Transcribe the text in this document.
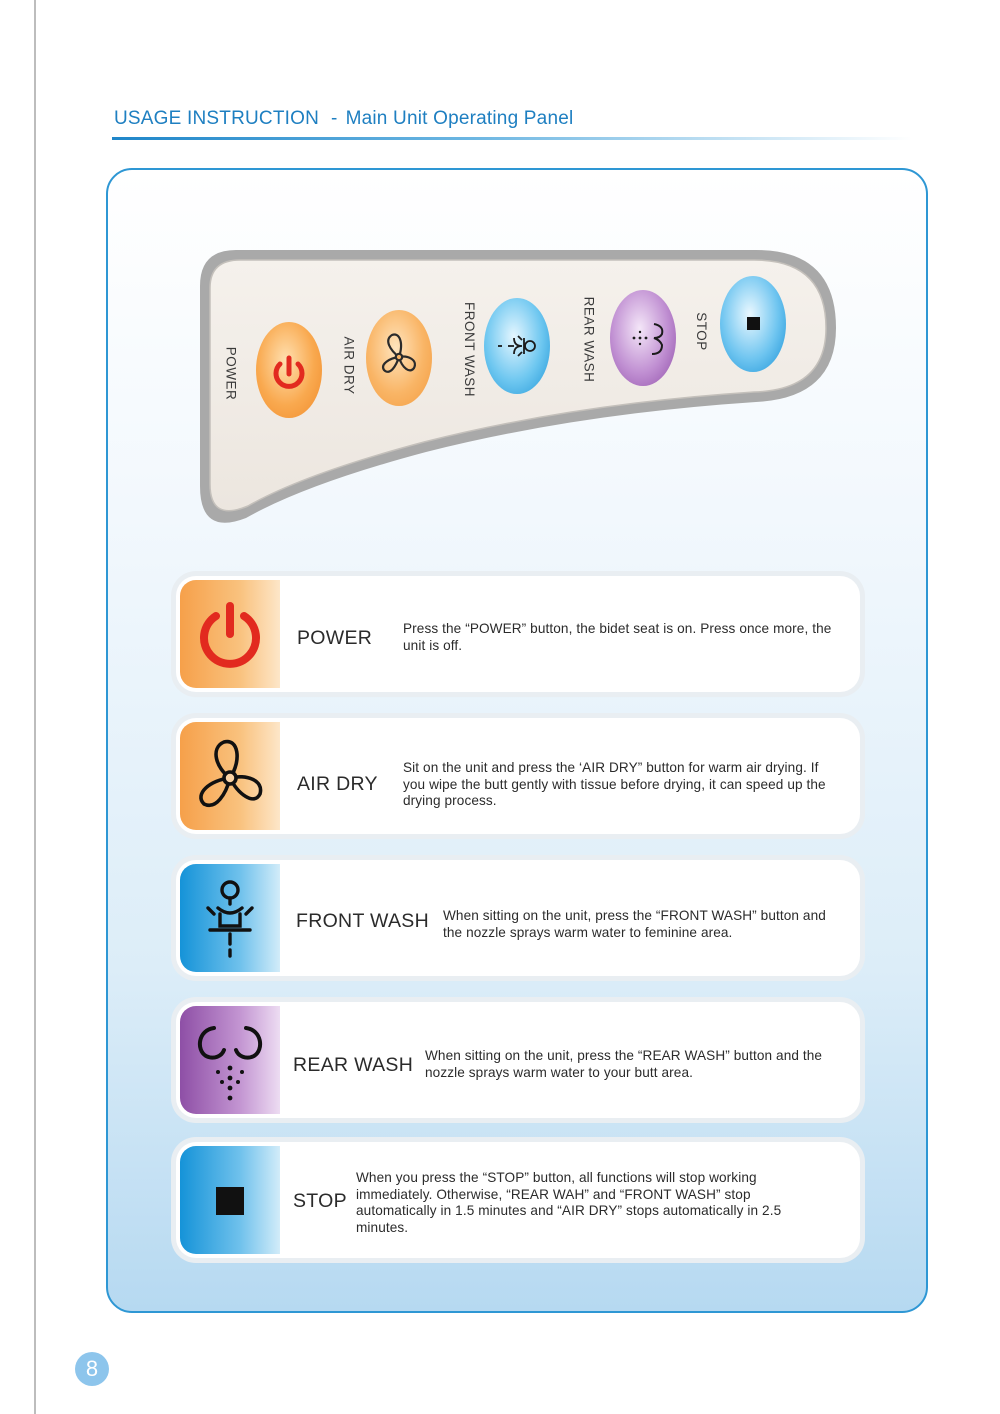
USAGE INSTRUCTION - Main Unit Operating Panel
POWER	AIR DRY	FRONT WASH	REAR WASH	STOP
POWER Press the “POWER” button, the bidet seat is on. Press once more, the unit is off.
AIR DRY
Sit on the unit and press the ‘AIR DRY” button for warm air drying. If you wipe the butt gently with tissue before drying, it can speed up the drying process.
FRONT WASH When sitting on the unit, press the “FRONT WASH” button and the nozzle sprays warm water to feminine area.
REAR WASH When sitting on the unit, press the “REAR WASH” button and the nozzle sprays warm water to your butt area.
STOP
When you press the “STOP” button, all functions will stop working immediately. Otherwise, “REAR WAH” and “FRONT WASH” stop automatically in 1.5 minutes and “AIR DRY” stops automatically in 2.5 minutes.
8
